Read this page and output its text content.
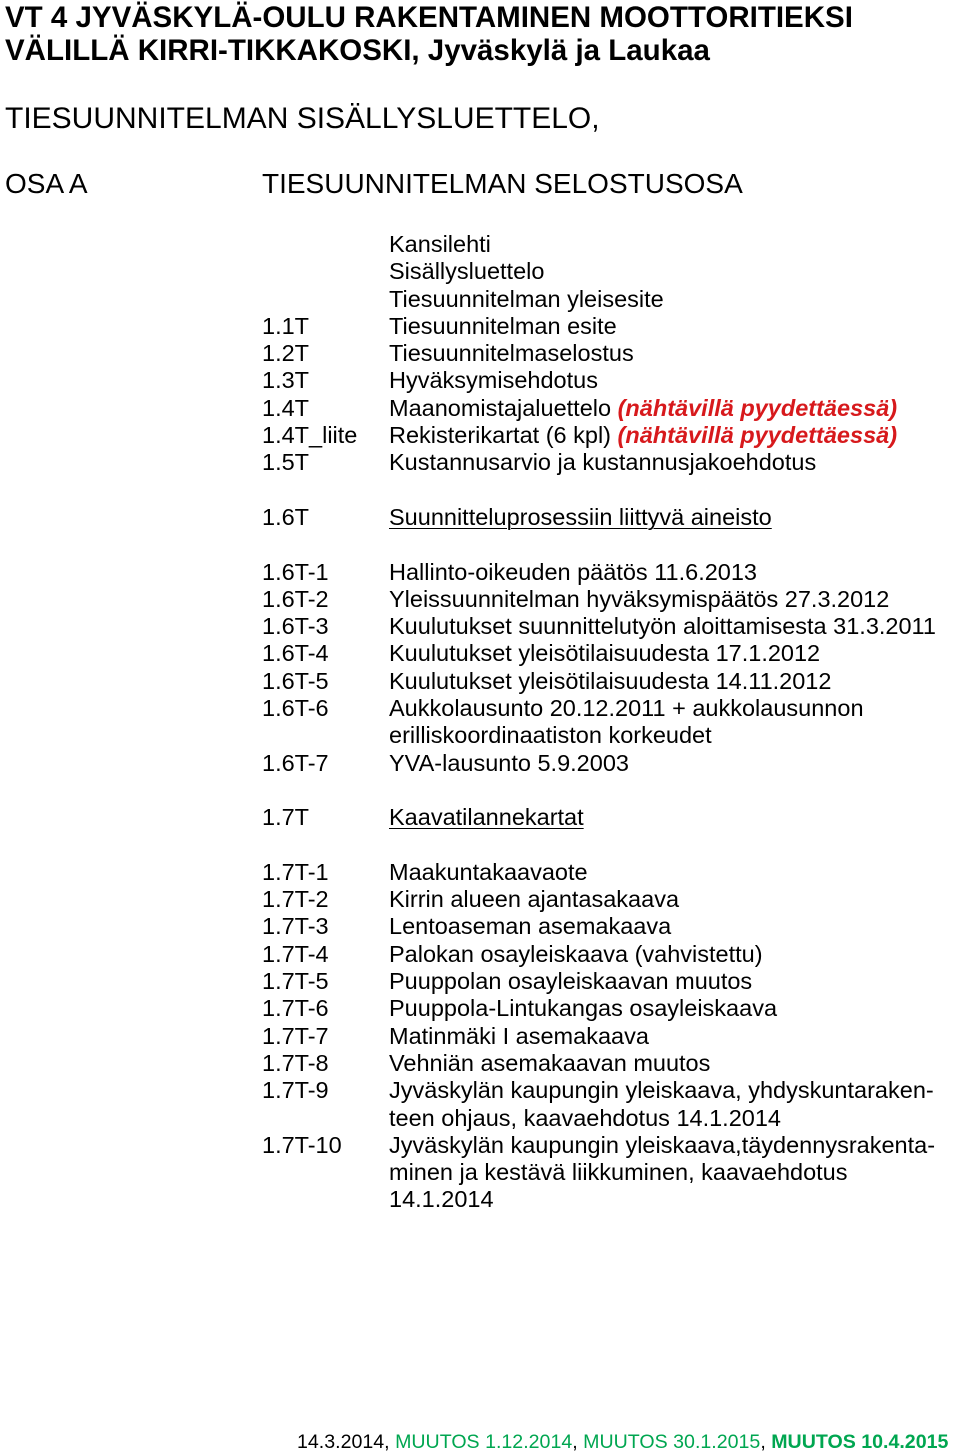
VT 4 JYVÄSKYLÄ-OULU RAKENTAMINEN MOOTTORITIEKSI
VÄLILLÄ KIRRI-TIKKAKOSKI, Jyväskylä ja Laukaa
TIESUUNNITELMAN SISÄLLYSLUETTELO,
OSA A	TIESUUNNITELMAN SELOSTUSOSA
Kansilehti
Sisällysluettelo
Tiesuunnitelman yleisesite
1.1T	Tiesuunnitelman esite
1.2T	Tiesuunnitelmaselostus
1.3T	Hyväksymisehdotus
1.4T	Maanomistajaluettelo (nähtävillä pyydettäessä)
1.4T_liite	Rekisterikartat (6 kpl) (nähtävillä pyydettäessä)
1.5T	Kustannusarvio ja kustannusjakoehdotus
1.6T	Suunnitteluprosessiin liittyvä aineisto
1.6T-1	Hallinto-oikeuden päätös 11.6.2013
1.6T-2	Yleissuunnitelman hyväksymispäätös 27.3.2012
1.6T-3	Kuulutukset suunnittelutyön aloittamisesta 31.3.2011
1.6T-4	Kuulutukset yleisötilaisuudesta 17.1.2012
1.6T-5	Kuulutukset yleisötilaisuudesta 14.11.2012
1.6T-6	Aukkolausunto 20.12.2011 + aukkolausunnon
erilliskoordinaatiston korkeudet
1.6T-7	YVA-lausunto 5.9.2003
1.7T	Kaavatilannekartat
1.7T-1	Maakuntakaavaote
1.7T-2	Kirrin alueen ajantasakaava
1.7T-3	Lentoaseman asemakaava
1.7T-4	Palokan osayleiskaava (vahvistettu)
1.7T-5	Puuppolan osayleiskaavan muutos
1.7T-6	Puuppola-Lintukangas osayleiskaava
1.7T-7	Matinmäki I asemakaava
1.7T-8	Vehniän asemakaavan muutos
1.7T-9	Jyväskylän kaupungin yleiskaava, yhdyskuntaraken-
teen ohjaus, kaavaehdotus 14.1.2014
1.7T-10	Jyväskylän kaupungin yleiskaava,täydennysrakenta-
minen ja kestävä liikkuminen, kaavaehdotus
14.1.2014
14.3.2014, MUUTOS 1.12.2014, MUUTOS 30.1.2015, MUUTOS 10.4.2015
